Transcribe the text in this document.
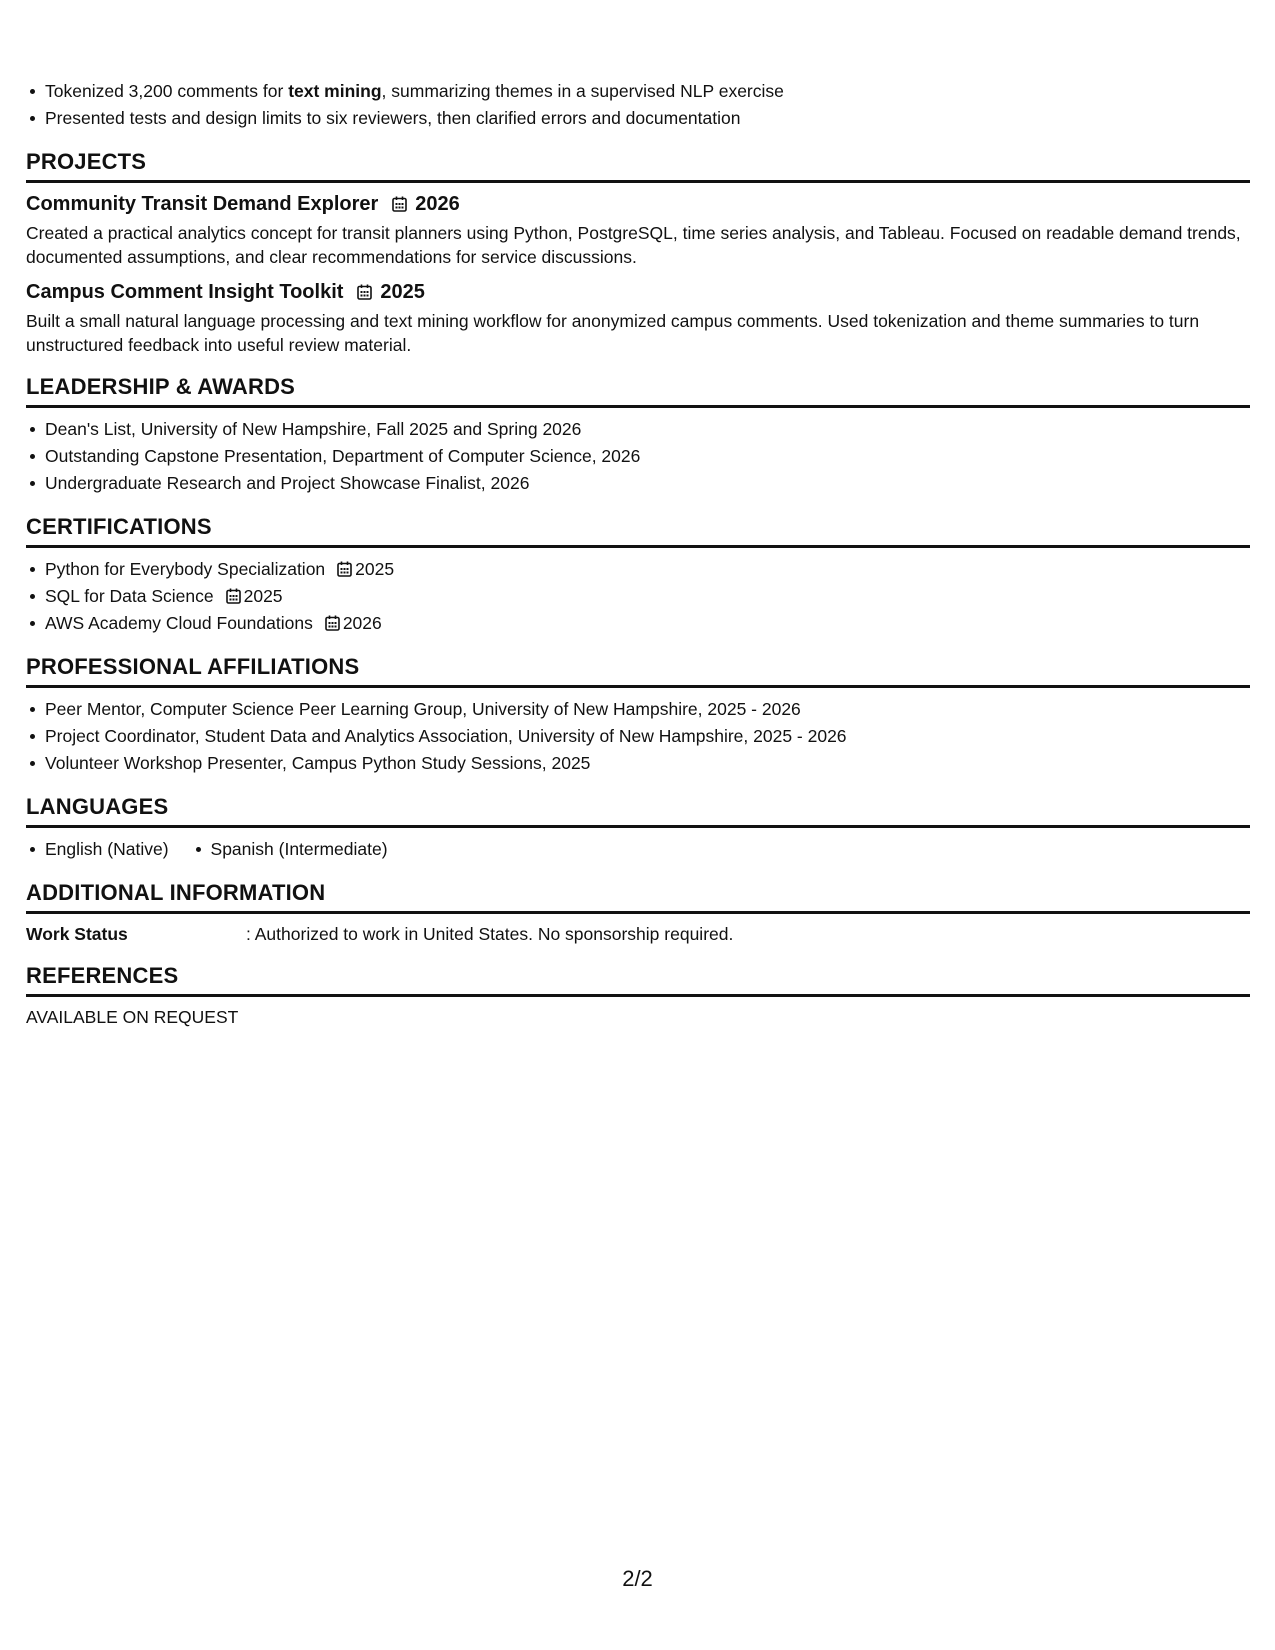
Tokenized 3,200 comments for text mining, summarizing themes in a supervised NLP exercise
Presented tests and design limits to six reviewers, then clarified errors and documentation
PROJECTS
Community Transit Demand Explorer 2026
Created a practical analytics concept for transit planners using Python, PostgreSQL, time series analysis, and Tableau. Focused on readable demand trends, documented assumptions, and clear recommendations for service discussions.
Campus Comment Insight Toolkit 2025
Built a small natural language processing and text mining workflow for anonymized campus comments. Used tokenization and theme summaries to turn unstructured feedback into useful review material.
LEADERSHIP & AWARDS
Dean's List, University of New Hampshire, Fall 2025 and Spring 2026
Outstanding Capstone Presentation, Department of Computer Science, 2026
Undergraduate Research and Project Showcase Finalist, 2026
CERTIFICATIONS
Python for Everybody Specialization 2025
SQL for Data Science 2025
AWS Academy Cloud Foundations 2026
PROFESSIONAL AFFILIATIONS
Peer Mentor, Computer Science Peer Learning Group, University of New Hampshire, 2025 - 2026
Project Coordinator, Student Data and Analytics Association, University of New Hampshire, 2025 - 2026
Volunteer Workshop Presenter, Campus Python Study Sessions, 2025
LANGUAGES
English (Native) Spanish (Intermediate)
ADDITIONAL INFORMATION
Work Status	: Authorized to work in United States. No sponsorship required.
REFERENCES
AVAILABLE ON REQUEST
2/2
